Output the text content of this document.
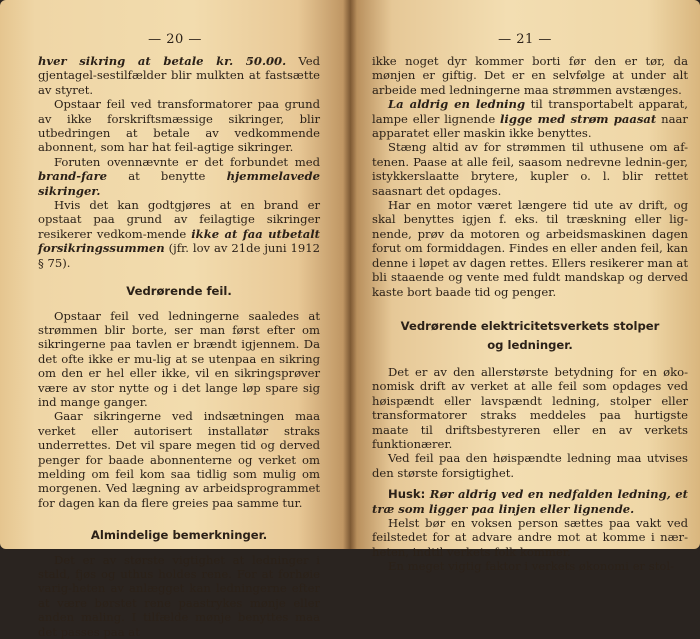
— 20 —

hver sikring at betale kr. 50.00. Ved gjentagel-sestilfælder blir mulkten at fastsætte av styret.

Opstaar feil ved transformatorer paa grund av ikke forskriftsmæssige sikringer, blir utbedringen at betale av vedkommende abonnent, som har hat feil-agtige sikringer.

Foruten ovennævnte er det forbundet med brand-fare at benytte hjemmelavede sikringer.

Hvis det kan godtgjøres at en brand er opstaat paa grund av feilagtige sikringer resikerer vedkom-mende ikke at faa utbetalt forsikringssummen (jfr. lov av 21de juni 1912 § 75).

Vedrørende feil.

Opstaar feil ved ledningerne saaledes at strømmen blir borte, ser man først efter om sikringerne paa tavlen er brændt igjennem. Da det ofte ikke er mu-lig at se utenpaa en sikring om den er hel eller ikke, vil en sikringsprøver være av stor nytte og i det lange løp spare sig ind mange ganger.

Gaar sikringerne ved indsætningen maa verket eller autorisert installatør straks underrettes. Det vil spare megen tid og derved penger for baade abonnenterne og verket om melding om feil kom saa tidlig som mulig om morgenen. Ved lægning av arbeidsprogrammet for dagen kan da flere greies paa samme tur.

Almindelige bemerkninger.

Det er av største vigtighet at ledninger i stald, fjøs og uthus holdes rene. For at forhøie varig-heten av anlægget kan ledningerne efter at være børstet rene paastrykes mønje eller anden maling. I tilfælde mønje benyttes maa det passes paa at

— 21 —

ikke noget dyr kommer borti før den er tør, da mønjen er giftig. Det er en selvfølge at under alt arbeide med ledningerne maa strømmen avstænges.

La aldrig en ledning til transportabelt apparat, lampe eller lignende ligge med strøm paasat naar apparatet eller maskin ikke benyttes.

Stæng altid av for strømmen til uthusene om af-tenen. Paase at alle feil, saasom nedrevne lednin-ger, istykkerslaatte brytere, kupler o. l. blir rettet saasnart det opdages.

Har en motor været længere tid ute av drift, og skal benyttes igjen f. eks. til træskning eller lig-nende, prøv da motoren og arbeidsmaskinen dagen forut om formiddagen. Findes en eller anden feil, kan denne i løpet av dagen rettes. Ellers resikerer man at bli staaende og vente med fuldt mandskap og derved kaste bort baade tid og penger.

Vedrørende elektricitetsverkets stolper
og ledninger.

Det er av den allerstørste betydning for en øko-nomisk drift av verket at alle feil som opdages ved høispændt eller lavspændt ledning, stolper eller transformatorer straks meddeles paa hurtigste maate til driftsbestyreren eller en av verkets funktionærer.

Ved feil paa den høispændte ledning maa utvises den største forsigtighet.

Husk: Rør aldrig ved en nedfalden ledning, et træ som ligger paa linjen eller lignende.

Helst bør en voksen person sættes paa vakt ved feilstedet for at advare andre mot at komme i nær-heten, indtil verkets folk kommer.

En meget vigtig faktor i verkets økonomi er stol-
